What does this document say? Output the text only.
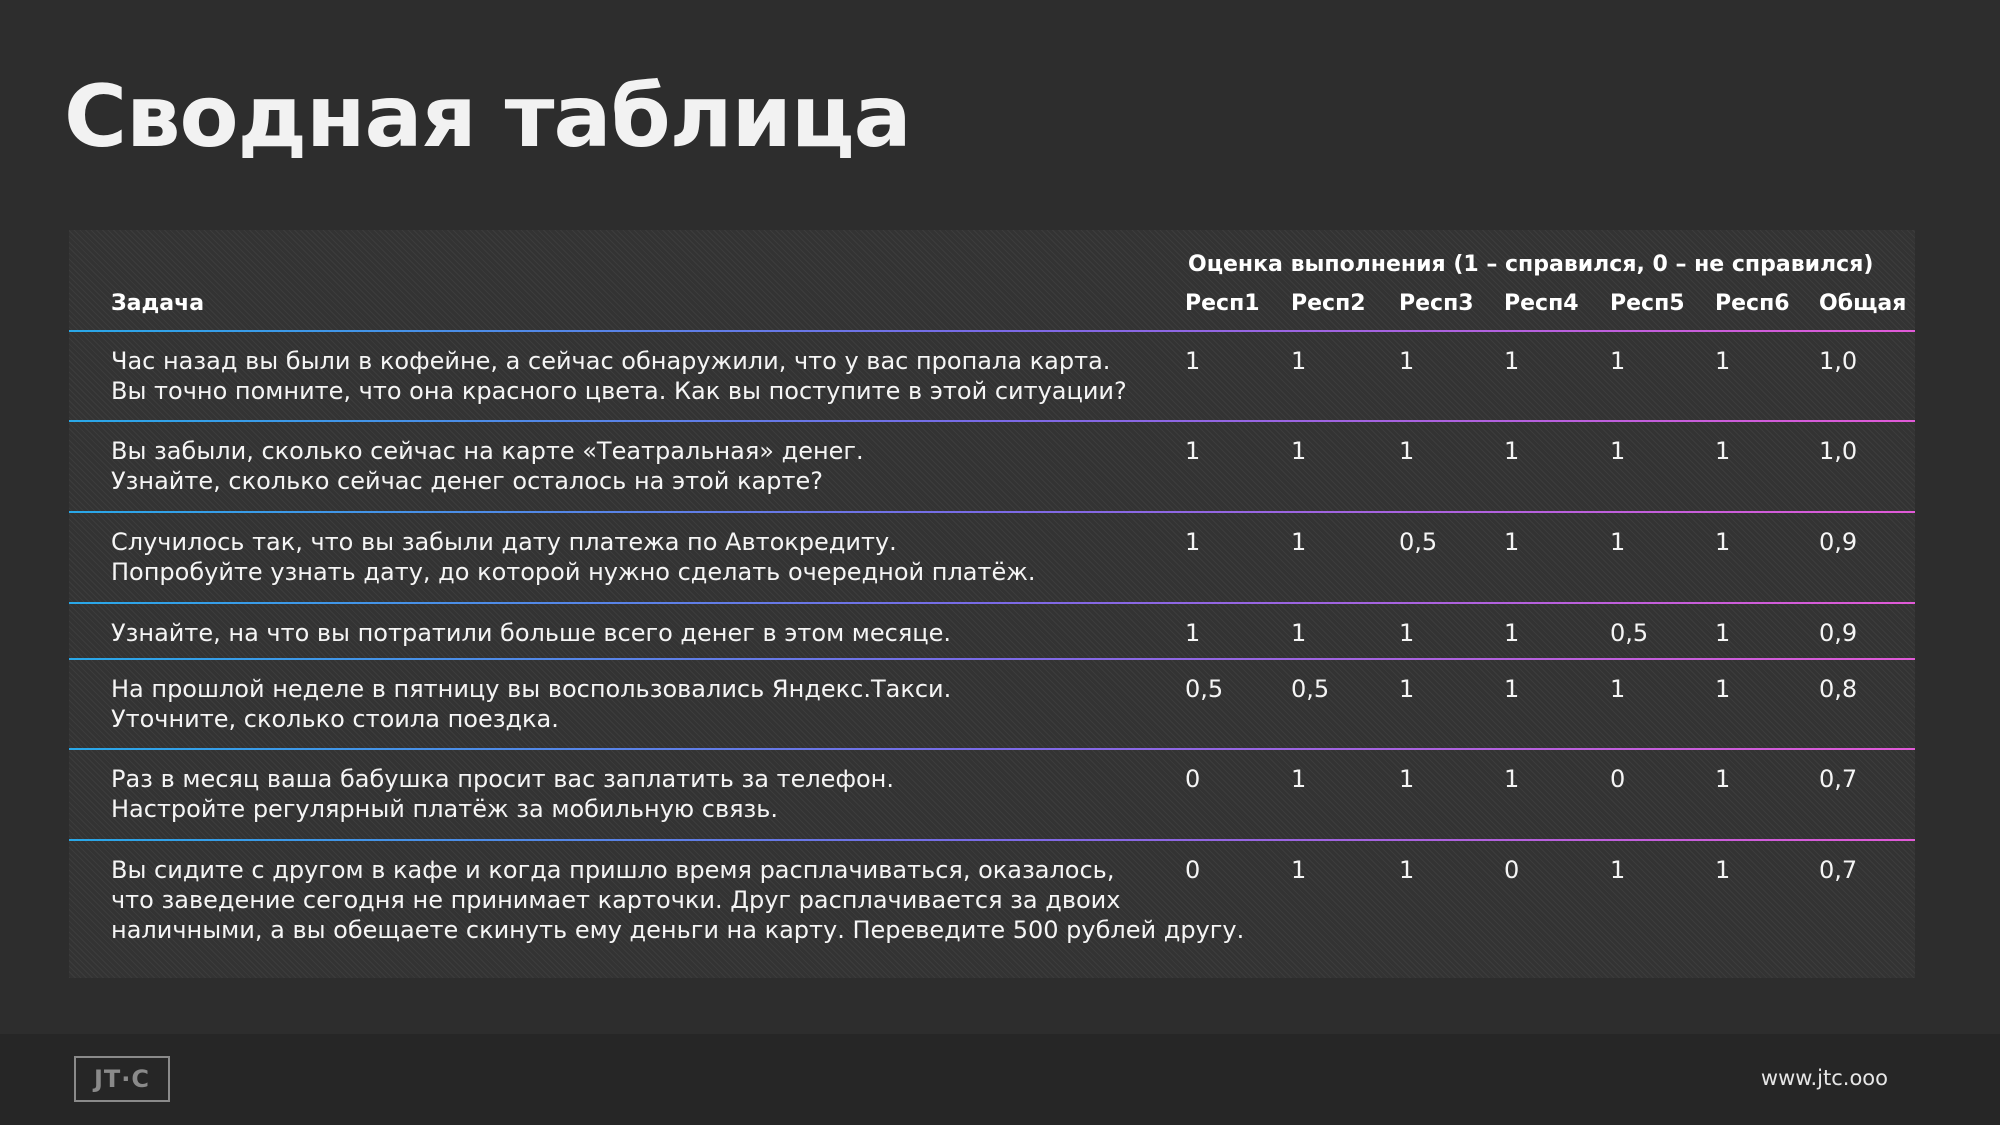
Сводная таблица
Оценка выполнения (1 – справился, 0 – не справился)
Задача	Респ1 Респ2 Респ3 Респ4 Респ5 Респ6 Общая
Час назад вы были в кофейне, а сейчас обнаружили, что у вас пропала карта.
Вы точно помните, что она красного цвета. Как вы поступите в этой ситуации?
1	1	1	1	1	1	1,0
Вы забыли, сколько сейчас на карте «Театральная» денег.
Узнайте, сколько сейчас денег осталось на этой карте?
1	1	1	1	1	1	1,0
Случилось так, что вы забыли дату платежа по Автокредиту.
Попробуйте узнать дату, до которой нужно сделать очередной платёж.
1	1	0,5	1	1	1	0,9
Узнайте, на что вы потратили больше всего денег в этом месяце.	1	1	1	1	0,5	1	0,9
На прошлой неделе в пятницу вы воспользовались Яндекс.Такси.
Уточните, сколько стоила поездка.
0,5	0,5	1	1	1	1	0,8
Раз в месяц ваша бабушка просит вас заплатить за телефон.
Настройте регулярный платёж за мобильную связь.
0	1	1	1	0	1	0,7
Вы сидите с другом в кафе и когда пришло время расплачиваться, оказалось,
что заведение сегодня не принимает карточки. Друг расплачивается за двоих
наличными, а вы обещаете скинуть ему деньги на карту. Переведите 500 рублей другу.
0	1	1	0	1	1	0,7
JT·C	www.jtc.ooo
